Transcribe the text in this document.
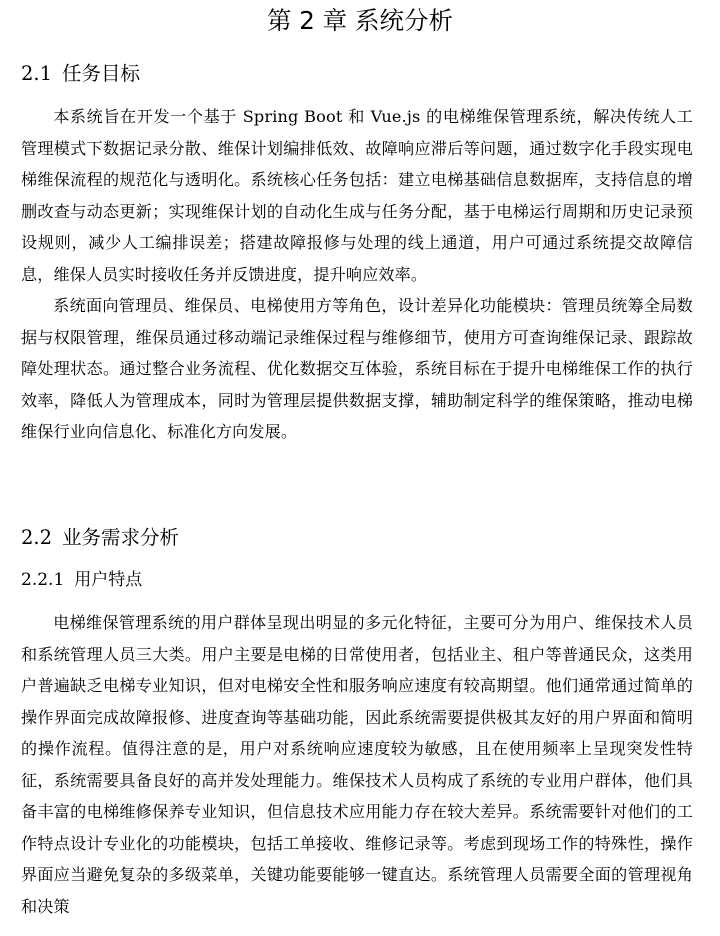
第 2 章 系统分析
2.1 任务目标

本系统旨在开发一个基于 Spring Boot 和 Vue.js 的电梯维保管理系统，解决传统人工管理模式下数据记录分散、维保计划编排低效、故障响应滞后等问题，通过数字化手段实现电梯维保流程的规范化与透明化。系统核心任务包括：建立电梯基础信息数据库，支持信息的增删改查与动态更新；实现维保计划的自动化生成与任务分配，基于电梯运行周期和历史记录预设规则，减少人工编排误差；搭建故障报修与处理的线上通道，用户可通过系统提交故障信息，维保人员实时接收任务并反馈进度，提升响应效率。

系统面向管理员、维保员、电梯使用方等角色，设计差异化功能模块：管理员统筹全局数据与权限管理，维保员通过移动端记录维保过程与维修细节，使用方可查询维保记录、跟踪故障处理状态。通过整合业务流程、优化数据交互体验，系统目标在于提升电梯维保工作的执行效率，降低人为管理成本，同时为管理层提供数据支撑，辅助制定科学的维保策略，推动电梯维保行业向信息化、标准化方向发展。

2.2 业务需求分析
2.2.1 用户特点

电梯维保管理系统的用户群体呈现出明显的多元化特征，主要可分为用户、维保技术人员和系统管理人员三大类。用户主要是电梯的日常使用者，包括业主、租户等普通民众，这类用户普遍缺乏电梯专业知识，但对电梯安全性和服务响应速度有较高期望。他们通常通过简单的操作界面完成故障报修、进度查询等基础功能，因此系统需要提供极其友好的用户界面和简明的操作流程。值得注意的是，用户对系统响应速度较为敏感，且在使用频率上呈现突发性特征，系统需要具备良好的高并发处理能力。维保技术人员构成了系统的专业用户群体，他们具备丰富的电梯维修保养专业知识，但信息技术应用能力存在较大差异。系统需要针对他们的工作特点设计专业化的功能模块，包括工单接收、维修记录等。考虑到现场工作的特殊性，操作界面应当避免复杂的多级菜单，关键功能要能够一键直达。系统管理人员需要全面的管理视角和决策
